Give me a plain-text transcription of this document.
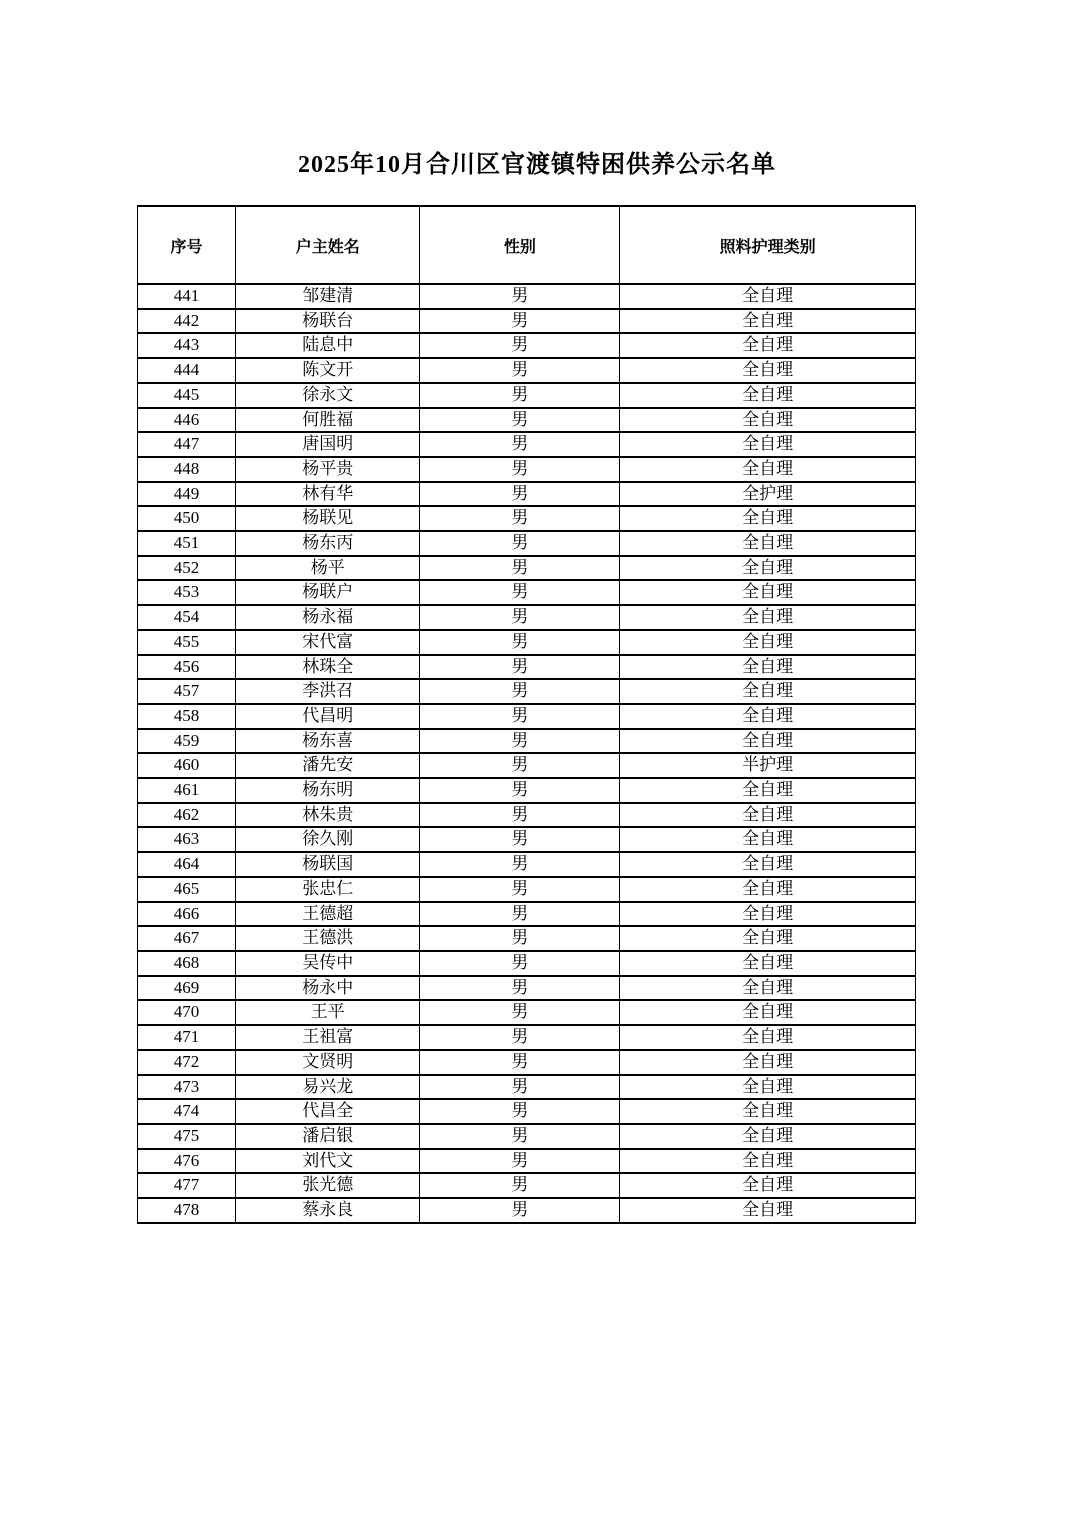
2025年10月合川区官渡镇特困供养公示名单
序号	户主姓名	性别	照料护理类别
441	邹建清	男	全自理
442	杨联台	男	全自理
443	陆息中	男	全自理
444	陈文开	男	全自理
445	徐永文	男	全自理
446	何胜福	男	全自理
447	唐国明	男	全自理
448	杨平贵	男	全自理
449	林有华	男	全护理
450	杨联见	男	全自理
451	杨东丙	男	全自理
452	杨平	男	全自理
453	杨联户	男	全自理
454	杨永福	男	全自理
455	宋代富	男	全自理
456	林珠全	男	全自理
457	李洪召	男	全自理
458	代昌明	男	全自理
459	杨东喜	男	全自理
460	潘先安	男	半护理
461	杨东明	男	全自理
462	林朱贵	男	全自理
463	徐久刚	男	全自理
464	杨联国	男	全自理
465	张忠仁	男	全自理
466	王德超	男	全自理
467	王德洪	男	全自理
468	吴传中	男	全自理
469	杨永中	男	全自理
470	王平	男	全自理
471	王祖富	男	全自理
472	文贤明	男	全自理
473	易兴龙	男	全自理
474	代昌全	男	全自理
475	潘启银	男	全自理
476	刘代文	男	全自理
477	张光德	男	全自理
478	蔡永良	男	全自理
